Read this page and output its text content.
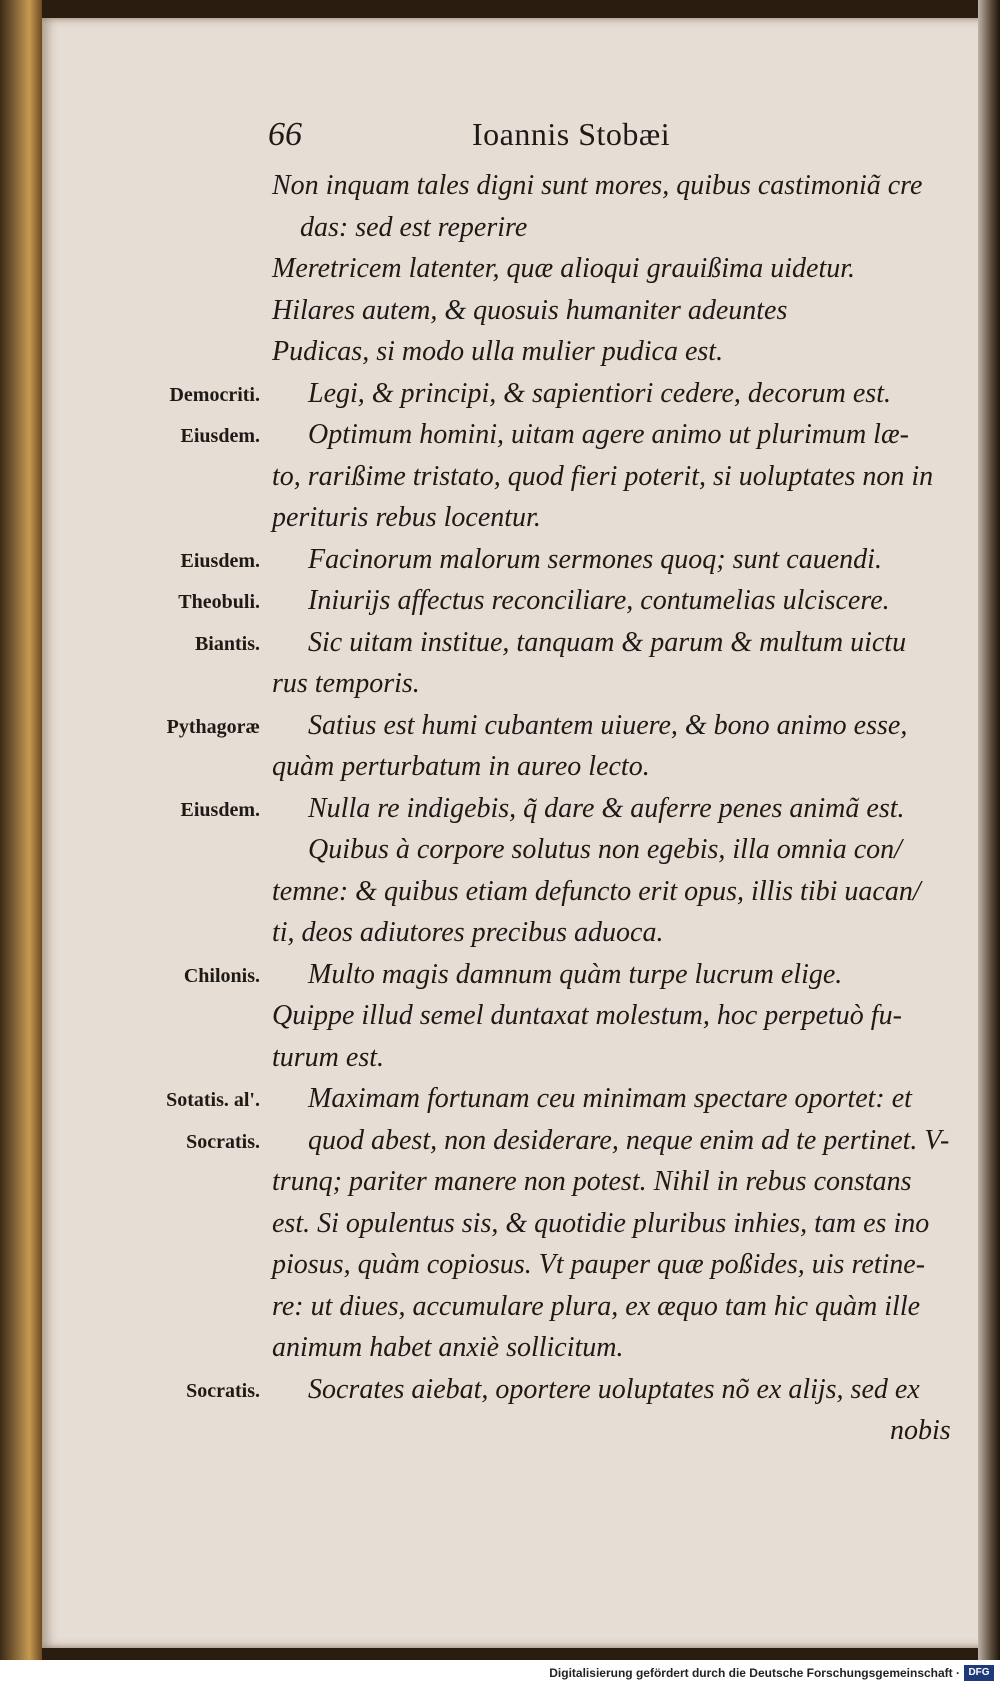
66	Ioannis Stobæi
Non inquam tales digni sunt mores, quibus castimoniã cre
das: sed est reperire
Meretricem latenter, quæ alioqui grauißima uidetur.
Hilares autem, & quosuis humaniter adeuntes
Pudicas, si modo ulla mulier pudica est.
Democriti. Legi, & principi, & sapientiori cedere, decorum est.
Eiusdem. Optimum homini, uitam agere animo ut plurimum læ-
to, rarißime tristato, quod fieri poterit, si uoluptates non in
perituris rebus locentur.
Eiusdem. Facinorum malorum sermones quoq; sunt cauendi.
Theobuli. Iniurijs affectus reconciliare, contumelias ulciscere.
Biantis. Sic uitam institue, tanquam & parum & multum uictu
rus temporis.
Pythagoræ Satius est humi cubantem uiuere, & bono animo esse,
quàm perturbatum in aureo lecto.
Eiusdem. Nulla re indigebis, q̃ dare & auferre penes animã est.
Quibus à corpore solutus non egebis, illa omnia con/
temne: & quibus etiam defuncto erit opus, illis tibi uacan/
ti, deos adiutores precibus aduoca.
Chilonis. Multo magis damnum quàm turpe lucrum elige.
Quippe illud semel duntaxat molestum, hoc perpetuò fu-
turum est.
Sotatis. al'. Maximam fortunam ceu minimam spectare oportet: et
Socratis. quod abest, non desiderare, neque enim ad te pertinet. V-
trunq; pariter manere non potest. Nihil in rebus constans
est. Si opulentus sis, & quotidie pluribus inhies, tam es ino
piosus, quàm copiosus. Vt pauper quæ poßides, uis retine-
re: ut diues, accumulare plura, ex æquo tam hic quàm ille
animum habet anxiè sollicitum.
Socratis. Socrates aiebat, oportere uoluptates nõ ex alijs, sed ex
nobis
Digitalisierung gefördert durch die Deutsche Forschungsgemeinschaft · DFG
